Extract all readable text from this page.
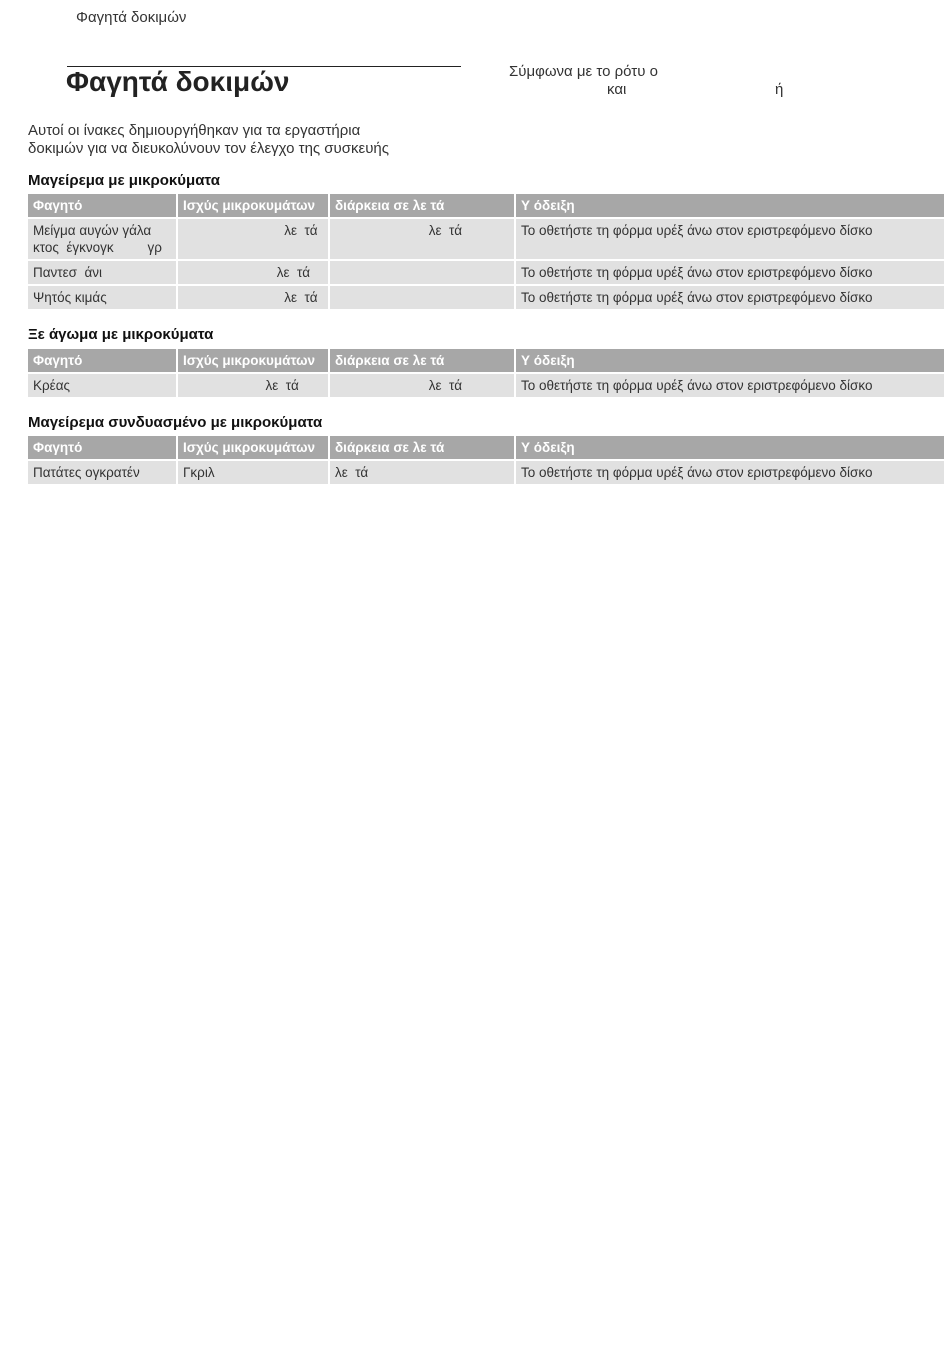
Φαγητά δοκιμών
Φαγητά δοκιμών	Σύμφωνα με το ρότυ ο
και	ή
Αυτοί οι ίνακες δημιουργήθηκαν για τα εργαστήρια
δοκιμών για να διευκολύνουν τον έλεγχο της συσκευής
Μαγείρεμα με μικροκύματα
Φαγητό	Ισχύς μικροκυμάτων	διάρκεια σε λε τά	Υ όδειξη
Μείγμα αυγών γάλα
κτος  έγκνογκ         γρ	λε  τά	λε  τά	Το οθετήστε τη φόρμα υρέξ άνω στον εριστρεφόμενο δίσκο
Παντεσ  άνι	λε  τά		Το οθετήστε τη φόρμα υρέξ άνω στον εριστρεφόμενο δίσκο
Ψητός κιμάς	λε  τά		Το οθετήστε τη φόρμα υρέξ άνω στον εριστρεφόμενο δίσκο
Ξε άγωμα με μικροκύματα
Φαγητό	Ισχύς μικροκυμάτων	διάρκεια σε λε τά	Υ όδειξη
Κρέας	λε  τά	λε  τά	Το οθετήστε τη φόρμα υρέξ άνω στον εριστρεφόμενο δίσκο
Μαγείρεμα συνδυασμένο με μικροκύματα
Φαγητό	Ισχύς μικροκυμάτων	διάρκεια σε λε τά	Υ όδειξη
Πατάτες ογκρατέν	Γκριλ	λε  τά	Το οθετήστε τη φόρμα υρέξ άνω στον εριστρεφόμενο δίσκο
